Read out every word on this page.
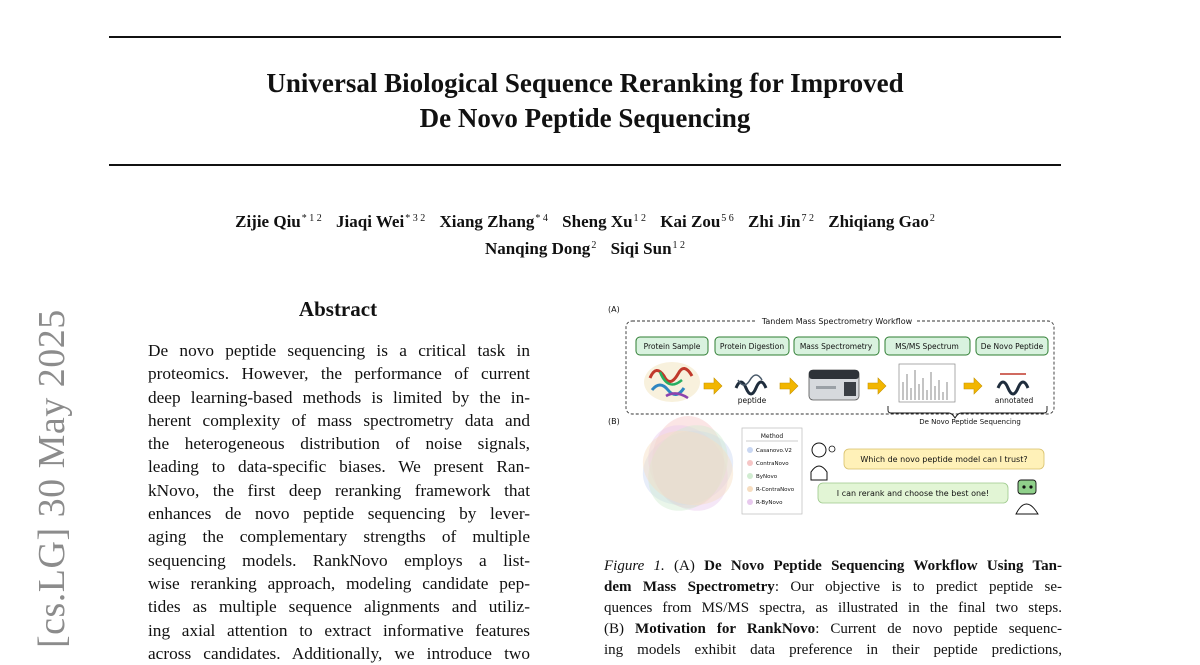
Universal Biological Sequence Reranking for Improved
De Novo Peptide Sequencing
Zijie Qiu$^{* 1 2}$ Jiaqi Wei$^{* 3 2}$ Xiang Zhang$^{* 4}$ Sheng $Xu^{1 2}$ Kai Zou$^{5 6}$ Zhi Jin$^{7 2}$ Zhiqiang Gao$^2$
Nanqing Dong$^2$ Siqi Sun$^{1 2}$
[cs.LG] 30 May 2025
Abstract
De novo peptide sequencing is a critical task in
proteomics. However, the performance of current
deep learning-based methods is limited by the in-
herent complexity of mass spectrometry data and
the heterogeneous distribution of noise signals,
leading to data-specific biases. We present Ran-
kNovo, the first deep reranking framework that
enhances de novo peptide sequencing by lever-
aging the complementary strengths of multiple
sequencing models. RankNovo employs a list-
wise reranking approach, modeling candidate pep-
tides as multiple sequence alignments and utiliz-
ing axial attention to extract informative features
across candidates. Additionally, we introduce two
(A)
(B)
Tandem Mass Spectrometry Workflow
Protein Sample	Protein Digestion Mass Spectrometry	MS/MS Spectrum	De Novo Peptide
peptide	annotated
De Novo Peptide Sequencing
Method
Casanovo.V2
ContraNovo
ByNovo
R-ContraNovo
R-ByNovo
Which de novo peptide model can I trust?
I can rerank and choose the best one!
Figure 1. (A) De Novo Peptide Sequencing Workflow Using Tan-
dem Mass Spectrometry: Our objective is to predict peptide se-
quences from MS/MS spectra, as illustrated in the final two steps.
(B) Motivation for RankNovo: Current de novo peptide sequenc-
ing models exhibit data preference in their peptide predictions,
